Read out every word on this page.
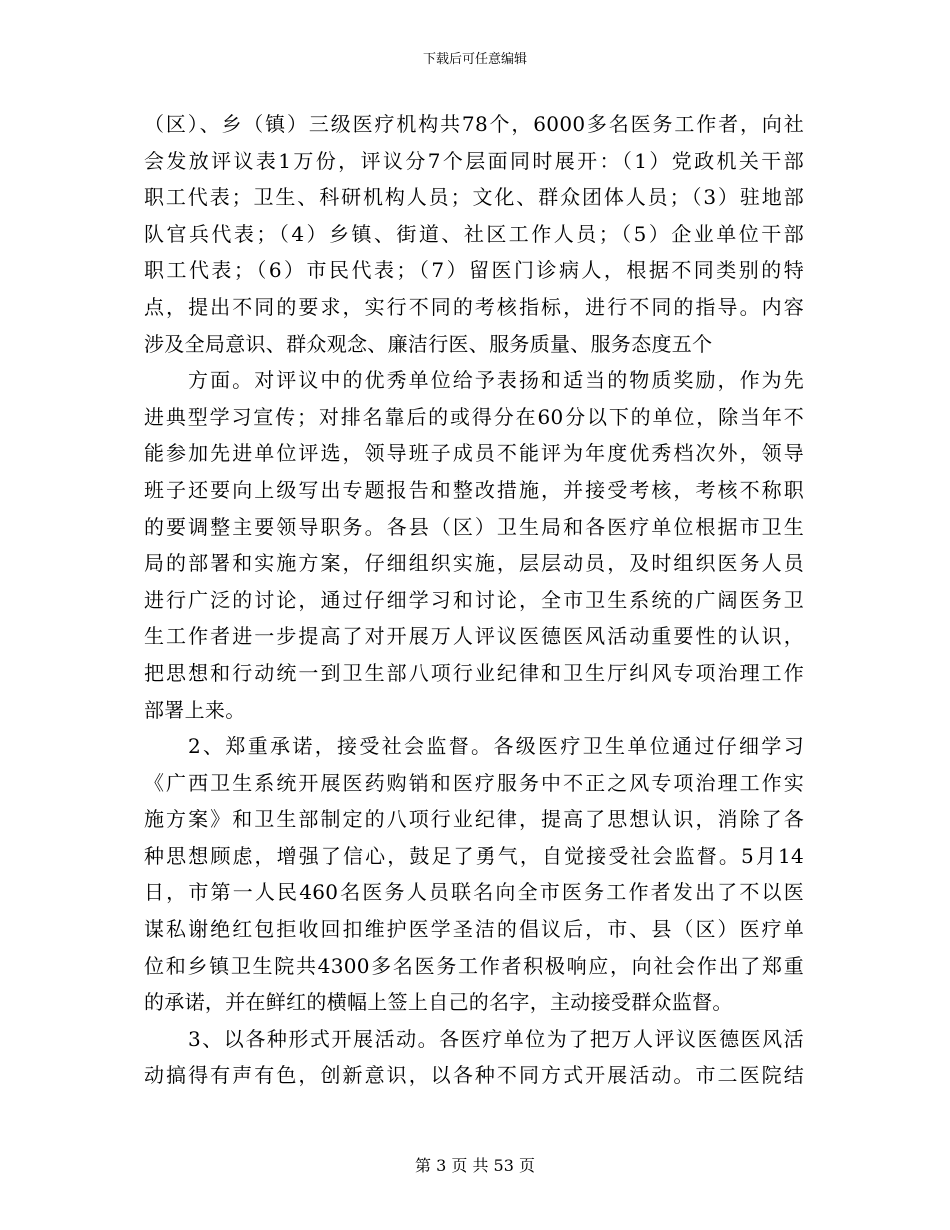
下载后可任意编辑
（区）、乡（镇）三级医疗机构共78个，6000多名医务工作者，向社
会发放评议表1万份，评议分7个层面同时展开：（1）党政机关干部
职工代表；卫生、科研机构人员；文化、群众团体人员；（3）驻地部
队官兵代表；（4）乡镇、街道、社区工作人员；（5）企业单位干部
职工代表；（6）市民代表；（7）留医门诊病人，根据不同类别的特
点，提出不同的要求，实行不同的考核指标，进行不同的指导。内容
涉及全局意识、群众观念、廉洁行医、服务质量、服务态度五个
方面。对评议中的优秀单位给予表扬和适当的物质奖励，作为先
进典型学习宣传；对排名靠后的或得分在60分以下的单位，除当年不
能参加先进单位评选，领导班子成员不能评为年度优秀档次外，领导
班子还要向上级写出专题报告和整改措施，并接受考核，考核不称职
的要调整主要领导职务。各县（区）卫生局和各医疗单位根据市卫生
局的部署和实施方案，仔细组织实施，层层动员，及时组织医务人员
进行广泛的讨论，通过仔细学习和讨论，全市卫生系统的广阔医务卫
生工作者进一步提高了对开展万人评议医德医风活动重要性的认识，
把思想和行动统一到卫生部八项行业纪律和卫生厅纠风专项治理工作
部署上来。
2、郑重承诺，接受社会监督。各级医疗卫生单位通过仔细学习
《广西卫生系统开展医药购销和医疗服务中不正之风专项治理工作实
施方案》和卫生部制定的八项行业纪律，提高了思想认识，消除了各
种思想顾虑，增强了信心，鼓足了勇气，自觉接受社会监督。5月14
日，市第一人民460名医务人员联名向全市医务工作者发出了不以医
谋私谢绝红包拒收回扣维护医学圣洁的倡议后，市、县（区）医疗单
位和乡镇卫生院共4300多名医务工作者积极响应，向社会作出了郑重
的承诺，并在鲜红的横幅上签上自己的名字，主动接受群众监督。
3、以各种形式开展活动。各医疗单位为了把万人评议医德医风活
动搞得有声有色，创新意识，以各种不同方式开展活动。市二医院结
第 3 页 共 53 页
